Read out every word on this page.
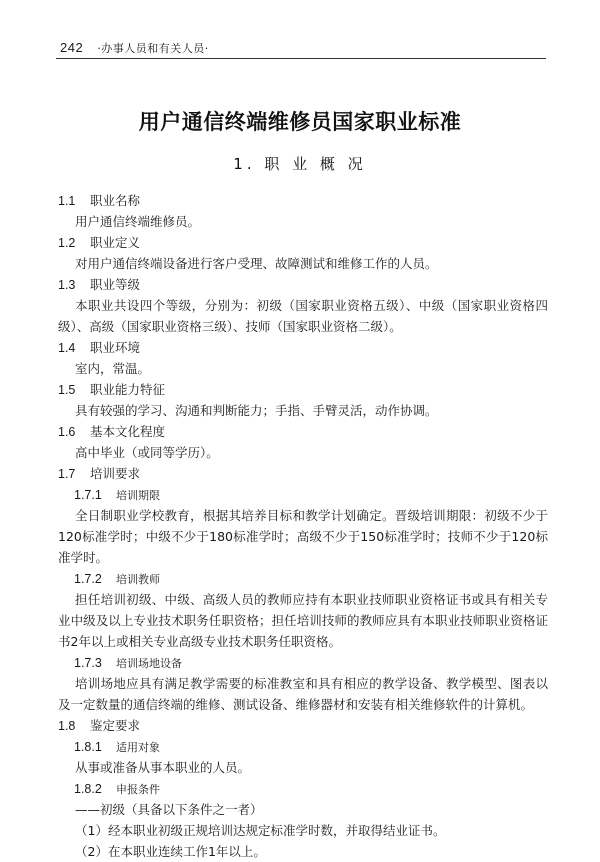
242 ·办事人员和有关人员·
用户通信终端维修员国家职业标准
1. 职 业 概 况
1.1 职业名称
用户通信终端维修员。
1.2 职业定义
对用户通信终端设备进行客户受理、故障测试和维修工作的人员。
1.3 职业等级
本职业共设四个等级，分别为：初级（国家职业资格五级）、中级（国家职业资格四级）、高级（国家职业资格三级）、技师（国家职业资格二级）。
1.4 职业环境
室内，常温。
1.5 职业能力特征
具有较强的学习、沟通和判断能力；手指、手臂灵活，动作协调。
1.6 基本文化程度
高中毕业（或同等学历）。
1.7 培训要求
1.7.1 培训期限
全日制职业学校教育，根据其培养目标和教学计划确定。晋级培训期限：初级不少于120标准学时；中级不少于180标准学时；高级不少于150标准学时；技师不少于120标准学时。
1.7.2 培训教师
担任培训初级、中级、高级人员的教师应持有本职业技师职业资格证书或具有相关专业中级及以上专业技术职务任职资格；担任培训技师的教师应具有本职业技师职业资格证书2年以上或相关专业高级专业技术职务任职资格。
1.7.3 培训场地设备
培训场地应具有满足教学需要的标准教室和具有相应的教学设备、教学模型、图表以及一定数量的通信终端的维修、测试设备、维修器材和安装有相关维修软件的计算机。
1.8 鉴定要求
1.8.1 适用对象
从事或准备从事本职业的人员。
1.8.2 申报条件
——初级（具备以下条件之一者）
（1）经本职业初级正规培训达规定标准学时数，并取得结业证书。
（2）在本职业连续工作1年以上。
